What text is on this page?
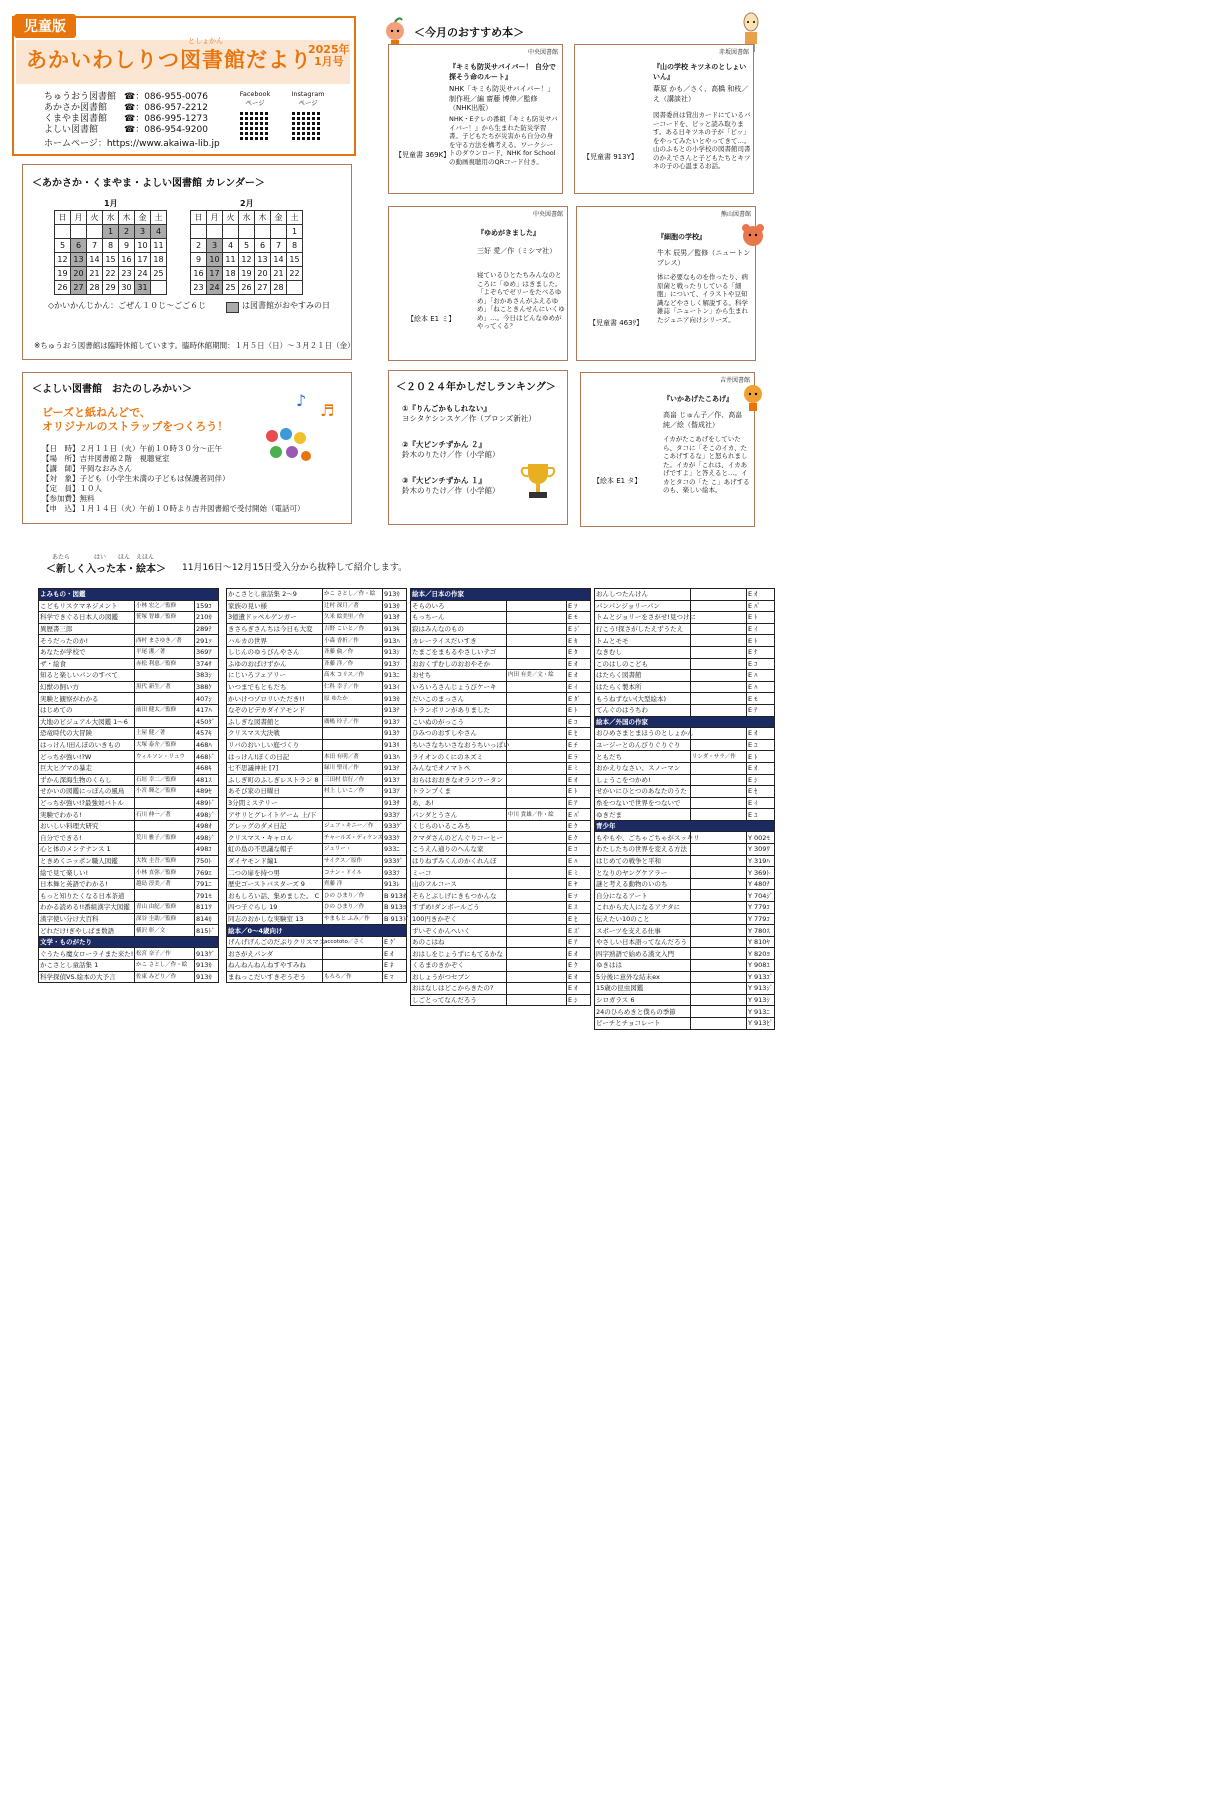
児童版
としょかん
あかいわしりつ図書館だより
2025年
1月号
ちゅうおう図書館 ☎：086-955-0076
あかさか図書館 ☎：086-957-2212
くまやま図書館 ☎：086-995-1273
よしい図書館	☎：086-954-9200
ホームページ：https://www.akaiwa-lib.jp
Facebook ページ
Instagram ページ
＜今月のおすすめ本＞
中央図書館
『キミも防災サバイバー！ 自分で探そう命のルート』
NHK「キミも防災サバイバー！」制作班／編 齋藤 博伸／監修（NHK出版）
NHK・Eテレの番組『キミも防災サバイバー！』から生まれた防災学習書。子どもたちが災害から自分の身を守る方法を構考える。ワークシートのダウンロード、NHK for Schoolの動画視聴用のQRコード付き。
【児童書 369K】
赤坂図書館
『山の学校 キツネのとしょいいん』
葦原 かも／さく、高橋 和枝／え（講談社）
図書委員は貸出カードにているバーコードを、ピッと読み取ります。ある日キツネの子が「ピッ」をやってみたいとやってきて…。山のふもとの小学校の図書館司書のかえでさんと子どもたちとキツネの子の心温まるお話。
【児童書 913Y】
中央図書館
『ゆめがきました』
三好 愛／作（ミシマ社）
寝ているひとたちみんなのところに「ゆめ」はきました。「よぞらでゼリーをたべるゆめ」「おかあさんがふえるゆめ」「ねこときんせんにいくゆめ」…。今日はどんなゆめがやってくる？
【絵本 E1 ミ】
熊山図書館
『細胞の学校』
牛木 辰男／監修（ニュートンプレス）
体に必要なものを作ったり、病原菌と戦ったりしている「細胞」について、イラストや豆知識などやさしく解説する。科学雑誌「ニュートン」から生まれたジュニア向けシリーズ。
【児童書 463ｻ】
吉井図書館
『いかあげたこあげ』
高畠 じゅん子／作、高畠 純／絵（偕成社）
イカがたこあげをしていたら、タコに「そこのイカ、たこあげするな」と怒られました。イカが「これは、イカあげですよ」と答えると…。イカとタコの「た こ」あげするのも、楽しい絵本。
【絵本 E1 タ】
＜あかさか・くまやま・よしい図書館 カレンダー＞
1月
日	月	火	水	木	金	土
			1	2	3	4
5	6	7	8	9	10	11
12	13	14	15	16	17	18
19	20	21	22	23	24	25
26	27	28	29	30	31	
2月
日	月	火	水	木	金	土
						1
2	3	4	5	6	7	8
9	10	11	12	13	14	15
16	17	18	19	20	21	22
23	24	25	26	27	28	
◇かいかんじかん：ごぜん１０じ～ごご６じ	は図書館がおやすみの日
※ちゅうおう図書館は臨時休館しています。臨時休館期間：１月５日（日）～３月２１日（金）
＜よしい図書館　おたのしみかい＞
ビーズと紙ねんどで、
オリジナルのストラップをつくろう！
♪
♬
【日　時】２月１１日（火）午前１０時３０分～正午
【場　所】吉井図書館２階　視聴覚室
【講　師】平岡なおみさん
【対　象】子ども（小学生未満の子どもは保護者同伴）
【定　員】１０人
【参加費】無料
【申　込】１月１４日（火）午前１０時より吉井図書館で受付開始（電話可）
＜２０２４年かしだしランキング＞
①『りんごかもしれない』
ヨシタケシンスケ／作（ブロンズ新社）
②『大ピンチずかん ２』
鈴木のりたけ／作（小学館）
③『大ピンチずかん １』
鈴木のりたけ／作（小学館）
あたら　　　　はい　　ほん　えほん
＜新しく入った本・絵本＞ 11月16日～12月15日受入分から抜粋して紹介します。
よみもの・図鑑		
こどもリスクマネジメント	小林 宏之／監修	159ｺ
科学できぐる日本人の図鑑	笹塚 智雄／監修	210ｶ
異歴書三郎		289ﾃ
そうだったのか!	西村 まさゆき／著	291ｿ
あなたが学校で	平尾 潔／著	369ｱ
ザ・絵食	赤松 利恵／監修	374ｻ
知ると楽しいパンのすべて		383ｼ
幻獣の飼い方	黒代 新生／著	388ｹ
実験と観察がわかる		407ｼ
はじめての	前田 健太／監修	417ﾊ
大地のビジュアル大図鑑 1～6		450ﾀﾞ
恐竜時代の大冒険	土屋 健／著	457ｷ
はっけん!田んぼのいきもの	大塚 泰介／監修	468ﾊ
どっちが強い!?W	ウィルソン・リュウ	468ﾄﾞ
巨大ヒグマの暴走		468ｷ
ずかん深海生物のくらし	石垣 幸二／監修	481ｽ
せかいの図鑑にっぽんの風鳥	小宮 輝之／監修	489ｾ
どっちが強い!?最強対バトル		489ﾄﾞ
実験でわかる!	石川 伸一／著	498ｼﾞ
おいしい料理大研究		498ｵ
自分でできる!	荒川 雅子／監修	498ｼﾞ
心と体のメンテナンス 1		498ｺ
ときめくニッポン職人図鑑	大牧 圭吾／監修	750ﾄ
絵で見て楽しい!	小林 直弥／監修	769ｴ
日本舞と英語でわかる!	越島 淳美／著	791ﾆ
もっと知りたくなる日本茶道		791ﾓ
わかる読める!!番組漢字大図鑑	青山 由紀／監修	811ﾜ
漢字使い分け大百科	深谷 圭助／監修	814ｶ
どれだけ!ぎやしばま数語	横沢 彰／文	815ﾄﾞ
文学・ものがたり		
ぐうたら魔女ローライまた来た!	松宮 奈子／作	913ｸﾞ
かこさとし童話集 1	かこ さとし／作・絵	913ｶ
科学探偵VS.絵本の大予言	佐東 みどり／作	913ｶ
かこさとし童話集 2～9	かこ さとし／作・絵	913ｶ
家族の見い様	辻村 深月／著	913ｶ
3億遺ドッペルゲンガー	久米 絵美里／作	913ｻ
きさらぎさんちは今日も大変	吉野 こいと／作	913ｷ
ハルカの世界	小森 香折／作	913ﾊ
しじんのゆうびんやさん	斉藤 倫／作	913ｼ
ふゆのおばけずかん	斉藤 洋／作	913ﾌ
にじいろフェアリー	高木 コリス／作	913ﾆ
いつまでもともだち	仁科 幸子／作	913ｲ
かいけつゾロリいただき!!	原 ゆたか	913ｶ
なぞのピデカダイアモンド		913ﾅ
ふしぎな図書館と	廣嶋 玲子／作	913ﾌ
クリスマス大決戦		913ｸ
リバのおいしい庭づくり		913ﾘ
はっけん!ぼくの日記	本田 有明／著	913ﾊ
七不思議神社 [7]	緑川 聖司／作	913ﾅ
ふしぎ町のふしぎレストラン 8	三田村 信行／作	913ﾌ
あそび家の日曜日	村上 しいこ／作	913ｱ
3分間ミステリー		913ｻ
アサリとグレイトゲーム 上/下		933ｱ
グレッグのダメ日記	ジェフ・キニー／作	933ｸﾞ
クリスマス・キャロル	チャールズ・ディケンズ	933ｸ
虹の島の不思議な帽子	ジュリー・	933ﾆ
ダイヤモンド編1	サイクス／原作	933ﾀﾞ
二つの扉を持つ男	コナン・ドイル	933ﾌ
歴史ゴーストバスターズ 9	齊藤 洋	913ﾚ
おもしろい話、集めました。 C	ひの ひまり／作	B 913ｵ
四つ子ぐらし 19	ひの ひまり／作	B 913ﾖ
同志のおかしな実験室 13	やまもと ふみ／作	B 913ﾄﾞ
絵本／0～4歳向け		
げんげげんごのだぶりクリスマス	accototo／さく	E ｹﾞ
おさがえパンダ		E ｵ
ねんねんねんねすやすみね		E ﾈ
まねっこだいすきぞうぞう	もろろ／作	E ﾏ
絵本／日本の作家		
そらのいろ		E ｿ
もっちーん		E ﾓ
寂はみんなのもの		E ｼﾞ
カレーライスだいすき		E ｶ
たまごをまもるやさしいテゴ		E ﾀ
おおくずむしのおおやそか		E ｵ
おせち	内田 有美／文・絵	E ｵ
いろいろさんじょうびケーキ		E ｲ
だいこのまっさん		E ﾀﾞ
トランポリンがありました		E ﾄ
こいぬのがっこう		E ｺ
ひみつのおすしやさん		E ﾋ
ちいさなちいさなおうちいっぱい		E ﾁ
ライオンのくにのネズミ		E ﾗ
みんなでオノマトペ		E ﾐ
おらはおおきなオランウータン		E ｵ
トランプくま		E ﾄ
あ、あ!		E ｱ
パンダとうさん	中川 貴雄／作・絵	E ﾊﾟ
くじらのいるこみち		E ｸ
クマダさんのどんぐりコーヒー		E ｸ
こうえん通りのへんな家		E ｺ
はりねずみくんのかくれんぼ		E ﾊ
ミーコ		E ﾐ
山のフルコース		E ﾔ
そらとぶしげにきもつかんな		E ｿ
すずめ!ダンボールごう		E ｽ
100円きかぞく		E ﾋ
ずいぞくかんへいく		E ｽﾞ
あのこはね		E ｱ
おはしをじょうずにもてるかな		E ｵ
くるまのきかぞく		E ｸ
おしょうがつセブン		E ｵ
おはなしはどこからきたの?		E ｵ
しごとってなんだろう		E ｼ
おんしつたんけん		E ｵ
パンパンジョリーパン		E ﾊﾟ
トムとジョリーをさがせ!見つけに		E ﾄ
行こう!探さがしたえずうたえ		E ｲ
トムとモモ		E ﾄ
なきむし		E ﾅ
このはしのこども		E ｺ
はたらく図書館		E ﾊ
はたらく製本所		E ﾊ
もうねずない(大型絵本)		E ﾓ
てんぐのはうちわ		E ﾃ
絵本／外国の作家		
おひめさまとまほうのとしょかん		E ｵ
ユージーとのんびりぐりぐり		E ﾕ
ともだち	リンダ・サラ／作	E ﾄ
おかえりなさい、スノーマン		E ｵ
しょうこをつかめ!		E ｼ
せかいにひとつのあなたのうた		E ｾ
糸をつないで世界をつないで		E ｲ
ゆきだま		E ﾕ
青少年		
もやもや、ごちゃごちゃがスッキリ		Y 002ﾓ
わたしたちの世界を変える方法		Y 309ﾜ
はじめての戦争と平和		Y 319ﾊ
となりのヤングケアラー		Y 369ﾄ
謎と考える動物のいのち		Y 480ﾅ
自分になるアート		Y 704ｼﾞ
これから大人になるアナタに		Y 779ｺ
伝えたい10のこと		Y 779ｺ
スポーツを支える仕事		Y 780ｽ
やさしい日本語ってなんだろう		Y 810ﾔ
四字熟語で始める漢文入門		Y 820ﾖ
ゆきはは		Y 908ﾕ
5分後に意外な結末ex		Y 913ｺﾞ
15歳の昆虫図鑑		Y 913ｼﾞ
シロガラス 6		Y 913ｼ
24のひらめきと僕らの季節		Y 913ﾆ
ピーチとチョコレート		Y 913ﾋﾟ
